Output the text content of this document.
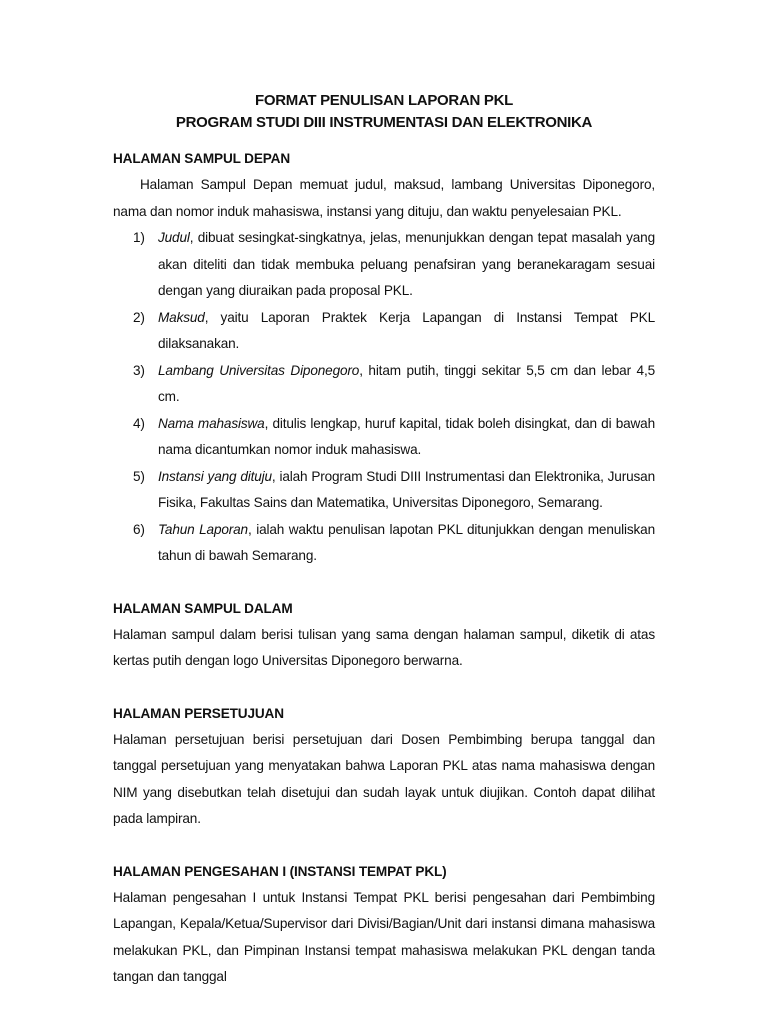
FORMAT PENULISAN LAPORAN PKL

PROGRAM STUDI DIII INSTRUMENTASI DAN ELEKTRONIKA

HALAMAN SAMPUL DEPAN

Halaman Sampul Depan memuat judul, maksud, lambang Universitas Diponegoro, nama dan nomor induk mahasiswa, instansi yang dituju, dan waktu penyelesaian PKL.

1) Judul, dibuat sesingkat-singkatnya, jelas, menunjukkan dengan tepat masalah yang akan diteliti dan tidak membuka peluang penafsiran yang beranekaragam sesuai dengan yang diuraikan pada proposal PKL.
2) Maksud, yaitu Laporan Praktek Kerja Lapangan di Instansi Tempat PKL dilaksanakan.
3) Lambang Universitas Diponegoro, hitam putih, tinggi sekitar 5,5 cm dan lebar 4,5 cm.
4) Nama mahasiswa, ditulis lengkap, huruf kapital, tidak boleh disingkat, dan di bawah nama dicantumkan nomor induk mahasiswa.
5) Instansi yang dituju, ialah Program Studi DIII Instrumentasi dan Elektronika, Jurusan Fisika, Fakultas Sains dan Matematika, Universitas Diponegoro, Semarang.
6) Tahun Laporan, ialah waktu penulisan lapotan PKL ditunjukkan dengan menuliskan tahun di bawah Semarang.

HALAMAN SAMPUL DALAM

Halaman sampul dalam berisi tulisan yang sama dengan halaman sampul, diketik di atas kertas putih dengan logo Universitas Diponegoro berwarna.

HALAMAN PERSETUJUAN

Halaman persetujuan berisi persetujuan dari Dosen Pembimbing berupa tanggal dan tanggal persetujuan yang menyatakan bahwa Laporan PKL atas nama mahasiswa dengan NIM yang disebutkan telah disetujui dan sudah layak untuk diujikan. Contoh dapat dilihat pada lampiran.

HALAMAN PENGESAHAN I (INSTANSI TEMPAT PKL)

Halaman pengesahan I untuk Instansi Tempat PKL berisi pengesahan dari Pembimbing Lapangan, Kepala/Ketua/Supervisor dari Divisi/Bagian/Unit dari instansi dimana mahasiswa melakukan PKL, dan Pimpinan Instansi tempat mahasiswa melakukan PKL dengan tanda tangan dan tanggal
